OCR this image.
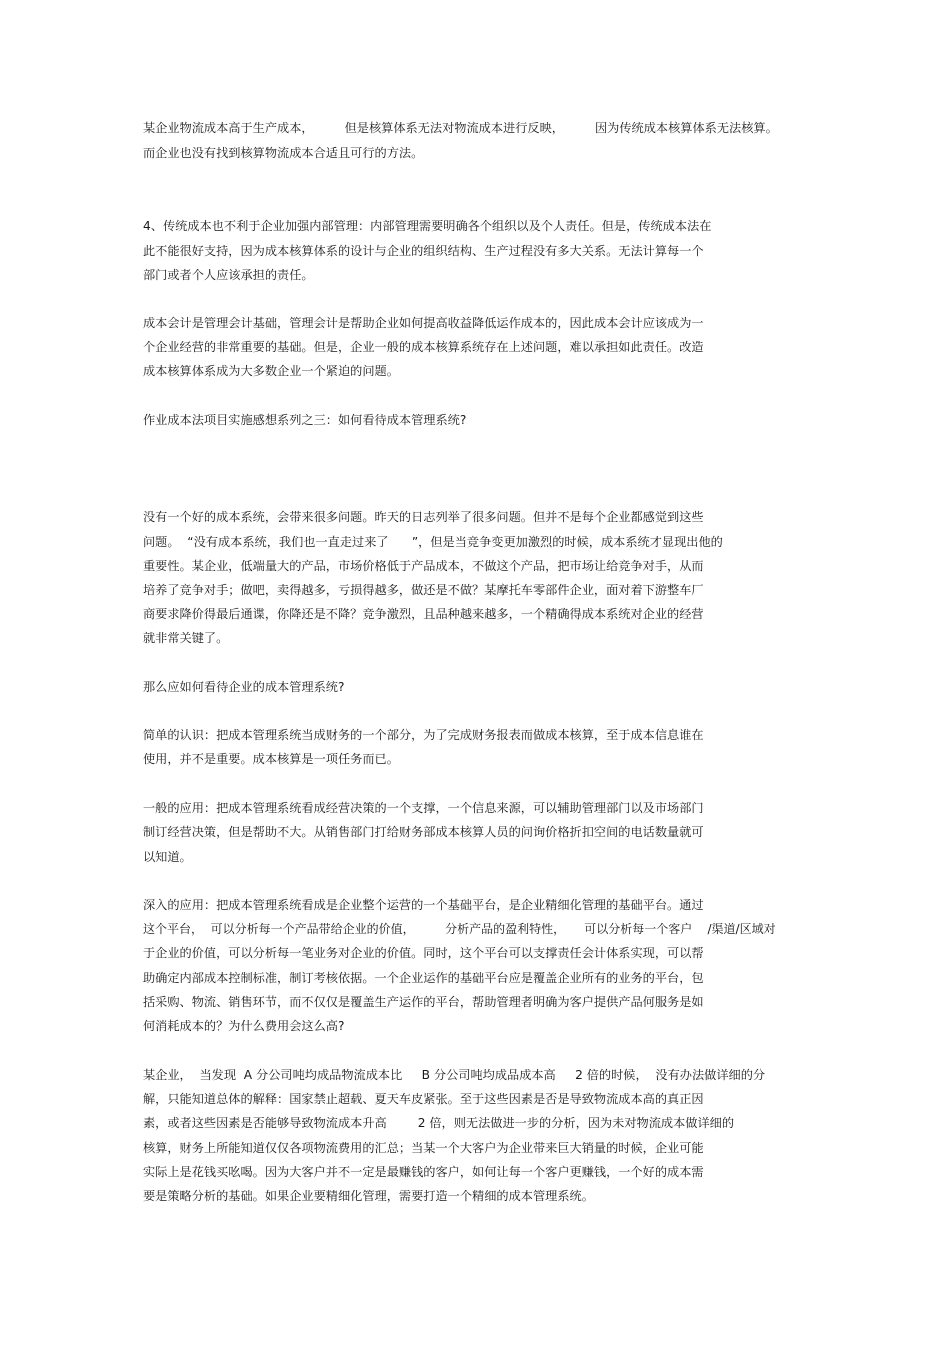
某企业物流成本高于生产成本，        但是核算体系无法对物流成本进行反映，        因为传统成本核算体系无法核算。
而企业也没有找到核算物流成本合适且可行的方法。
4、传统成本也不利于企业加强内部管理：内部管理需要明确各个组织以及个人责任。但是，传统成本法在
此不能很好支持，因为成本核算体系的设计与企业的组织结构、生产过程没有多大关系。无法计算每一个
部门或者个人应该承担的责任。
成本会计是管理会计基础，管理会计是帮助企业如何提高收益降低运作成本的，因此成本会计应该成为一
个企业经营的非常重要的基础。但是，企业一般的成本核算系统存在上述问题，难以承担如此责任。改造
成本核算体系成为大多数企业一个紧迫的问题。
作业成本法项目实施感想系列之三：如何看待成本管理系统?
没有一个好的成本系统，会带来很多问题。昨天的日志列举了很多问题。但并不是每个企业都感觉到这些
问题。  “没有成本系统，我们也一直走过来了      ”，但是当竞争变更加激烈的时候，成本系统才显现出他的
重要性。某企业，低端量大的产品，市场价格低于产品成本，不做这个产品，把市场让给竞争对手，从而
培养了竞争对手；做吧，卖得越多，亏损得越多，做还是不做？某摩托车零部件企业，面对着下游整车厂
商要求降价得最后通谍，你降还是不降？竞争激烈，且品种越来越多，一个精确得成本系统对企业的经营
就非常关键了。
那么应如何看待企业的成本管理系统?
简单的认识：把成本管理系统当成财务的一个部分，为了完成财务报表而做成本核算，至于成本信息谁在
使用，并不是重要。成本核算是一项任务而已。
一般的应用：把成本管理系统看成经营决策的一个支撑，一个信息来源，可以辅助管理部门以及市场部门
制订经营决策，但是帮助不大。从销售部门打给财务部成本核算人员的问询价格折扣空间的电话数量就可
以知道。
深入的应用：把成本管理系统看成是企业整个运营的一个基础平台，是企业精细化管理的基础平台。通过
这个平台，  可以分析每一个产品带给企业的价值，        分析产品的盈利特性，     可以分析每一个客户    /渠道/区域对
于企业的价值，可以分析每一笔业务对企业的价值。同时，这个平台可以支撑责任会计体系实现，可以帮
助确定内部成本控制标准，制订考核依据。一个企业运作的基础平台应是覆盖企业所有的业务的平台，包
括采购、物流、销售环节，而不仅仅是覆盖生产运作的平台，帮助管理者明确为客户提供产品何服务是如
何消耗成本的？为什么费用会这么高?
某企业，  当发现  A 分公司吨均成品物流成本比     B 分公司吨均成品成本高     2 倍的时候，  没有办法做详细的分
解，只能知道总体的解释：国家禁止超载、夏天车皮紧张。至于这些因素是否是导致物流成本高的真正因
素，或者这些因素是否能够导致物流成本升高        2 倍，则无法做进一步的分析，因为未对物流成本做详细的
核算，财务上所能知道仅仅各项物流费用的汇总；当某一个大客户为企业带来巨大销量的时候，企业可能
实际上是花钱买吆喝。因为大客户并不一定是最赚钱的客户，如何让每一个客户更赚钱，一个好的成本需
要是策略分析的基础。如果企业要精细化管理，需要打造一个精细的成本管理系统。
